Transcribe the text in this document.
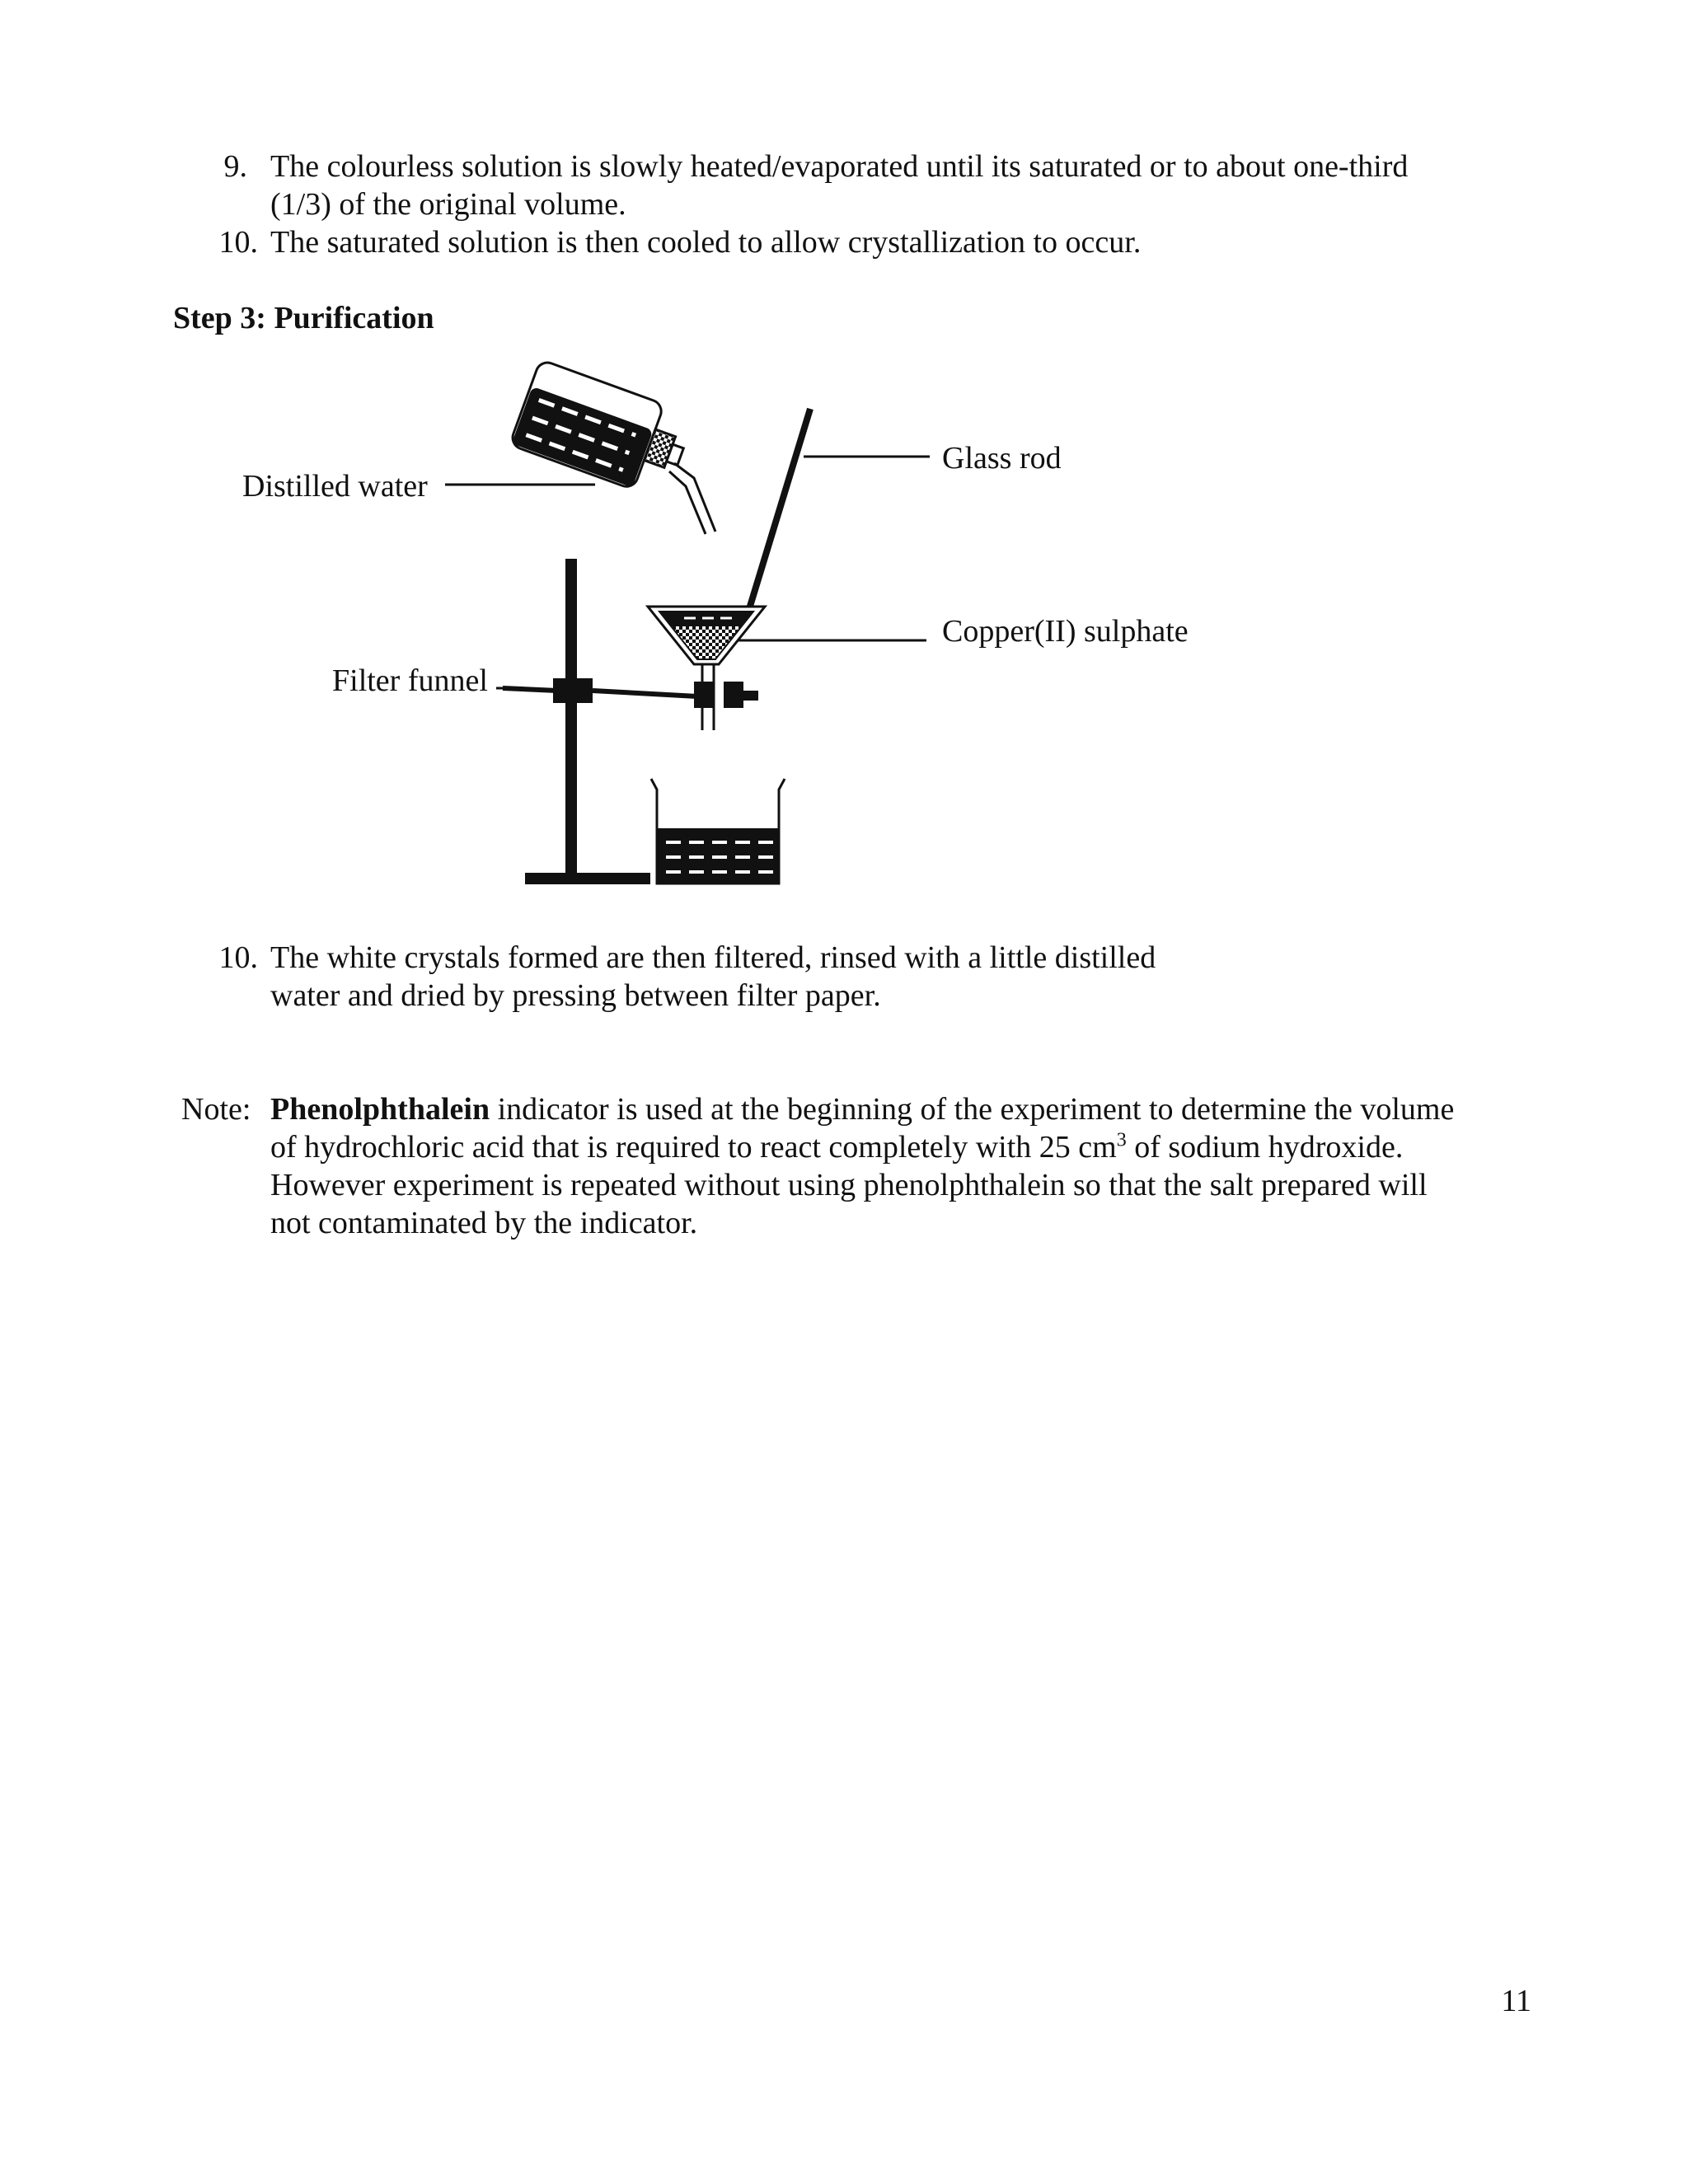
9. The colourless solution is slowly heated/evaporated until its saturated or to about one-third
(1/3) of the original volume.
10. The saturated solution is then cooled to allow crystallization to occur.
Step 3: Purification
Distilled water
Glass rod
Copper(II) sulphate
Filter funnel
10. The white crystals formed are then filtered, rinsed with a little distilled
water and dried by pressing between filter paper.
Note: Phenolphthalein indicator is used at the beginning of the experiment to determine the volume
of hydrochloric acid that is required to react completely with 25 $cm^3$ of sodium hydroxide.
However experiment is repeated without using phenolphthalein so that the salt prepared will
not contaminated by the indicator.
11
